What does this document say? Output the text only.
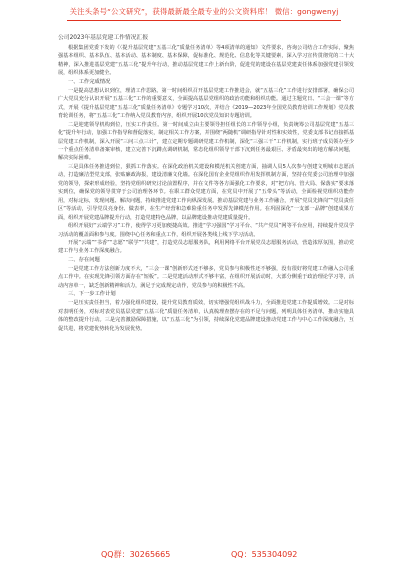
关注头条号“公文研究”，获得最新最全最专业的公文资料库！ 微信：gongwenyj
公司2023年基层党建工作情况汇报

根据集团党委下发的《〈提升基层党建“五基三化”质量任务清单〉等4项清单的通知》文件要求，咨询公司结合工作实际，聚焦强基本组织、基本队伍、基本活动、基本制度、基本保障，促标准化、规范化、信息化等关键要素，深入学习宣传贯彻党的二十大精神，深入推进基层党建“五基三化”提升年行动，推动基层党建工作上新台阶，促进党的建设在基层党建责任体系加强党建引领发展，组织体系更加健全。

一、工作完成情况

一是提高思想认识到位，理清工作思路。第一时间组织召开基层党建工作推进会，就“五基三化”工作进行安排部署，确保公司广大党员充分认识开展“五基三化”工作的重要意义，全面提高基层党组织的政治功能和组织功能。通过主题党日、“三会一课”等方式，开展《提升基层党建“五基三化”质量任务清单》专题学习10次，并结合《2019—2023年全国党员教育培训工作规划》党员教育轮训任务，将“五基三化”工作纳入党员教育内容，组织开展10次党员知识专题培训。

二是迎建领导机构到位，压实工作责任。第一时间成立由主要领导担任组长的工作领导小组，负责统筹公司基层党建“五基三化”提升年行动，加强工作指导和督促落实，制定相关工作方案，并围绕“两随机”调研指导针对性和实效性，党委支部书记直接抓基层党建工作机制，深入开展“三问三点三计”，建立定期专题调研党建工作机制，深化“三强三干”工作机制，实行班子成员领办至少一个重点任务清单备案审核，建立完善下沉蹲点调研机制，常态化组织领导干部下沉到任务最艰巨、矛盾最突出的地方解决问题，解决实际困难。

三是具体任务推进到位，狠抓工作落实。在深化政治机关建设和模范机关创建方面，抽调人员5人次参与创建文明城市志愿活动，打造廉洁型党支部，张贴廉政海报，建设清廉文化墙。在深化国有企业党组织作用发挥机制方面，坚持在党委公司治理中加强党的领导，探索形成经验，坚持党组织研究讨论前置程序，并在文件等各方面强化工作要求，对“把方向、管大局、保落实”要求落实到位，确保党的领导贯穿于公司治理各环节。在职工群众党建方面，在党员中开展了“五带头”等活动，全面检视党组织功能作用，对标定标，发现问题、解决问题，持续推进党建工作向纵深发展。推动基层党建与业务工作融合，开展“党员先锋岗”“党员责任区”等活动，引导党员亮身份、做表率，在生产经营和急难险重任务中发挥先锋模范作用。在巩固深化“一支部一品牌”创建成果方面，组织开展党建品牌提升行动，打造党建特色品牌，以品牌建设推动党建质量提升。

组织开展好“云端学习”工作，使得学习更加便捷高效。推进“学习强国”学习平台、“共产党员”网等平台应用，持续提升党员学习活动的覆盖面和参与度。围绕中心任务和重点工作，组织开展各类线上线下学习活动。

开展“云端”“书香”“志愿”“联学”“共建”，打造党员志愿服务队，利用网络平台开展党员志愿服务活动，营造浓厚氛围，推动党建工作与业务工作深度融合。

二、存在问题

一是党建工作方法创新力度不大，“三会一课”创新形式还不够多，党员参与积极性还不够强，没有很好将党建工作融入公司重点工作中。在实现先锋引领方面存在“短板”。二是党建活动形式不够丰富，在组织开展活动时，大部分侧重于政治理论学习等，活动内容单一，缺乏创新精神和活力，满足于完成规定动作，党员参与的积极性不高。

三、下一步工作计划

一是压实责任担当，着力强化组织建设，提升党员教育质效，切实增强党组织战斗力，全面推进党建工作提质增效。二是对标对表明任务，对标对表党员基层党建“五基三化”质量任务清单，认真梳理查摆存在的不足与问题，列明具体任务清单，推动实施具体的整改提升行动。三是完善激励保障措施，以“五基三化”为引领，持续深化党建品牌建设推动党建工作与中心工作深度融合，互促共进，将党建优势转化为发展优势。

QQ群：30265665	QQ：535304092
